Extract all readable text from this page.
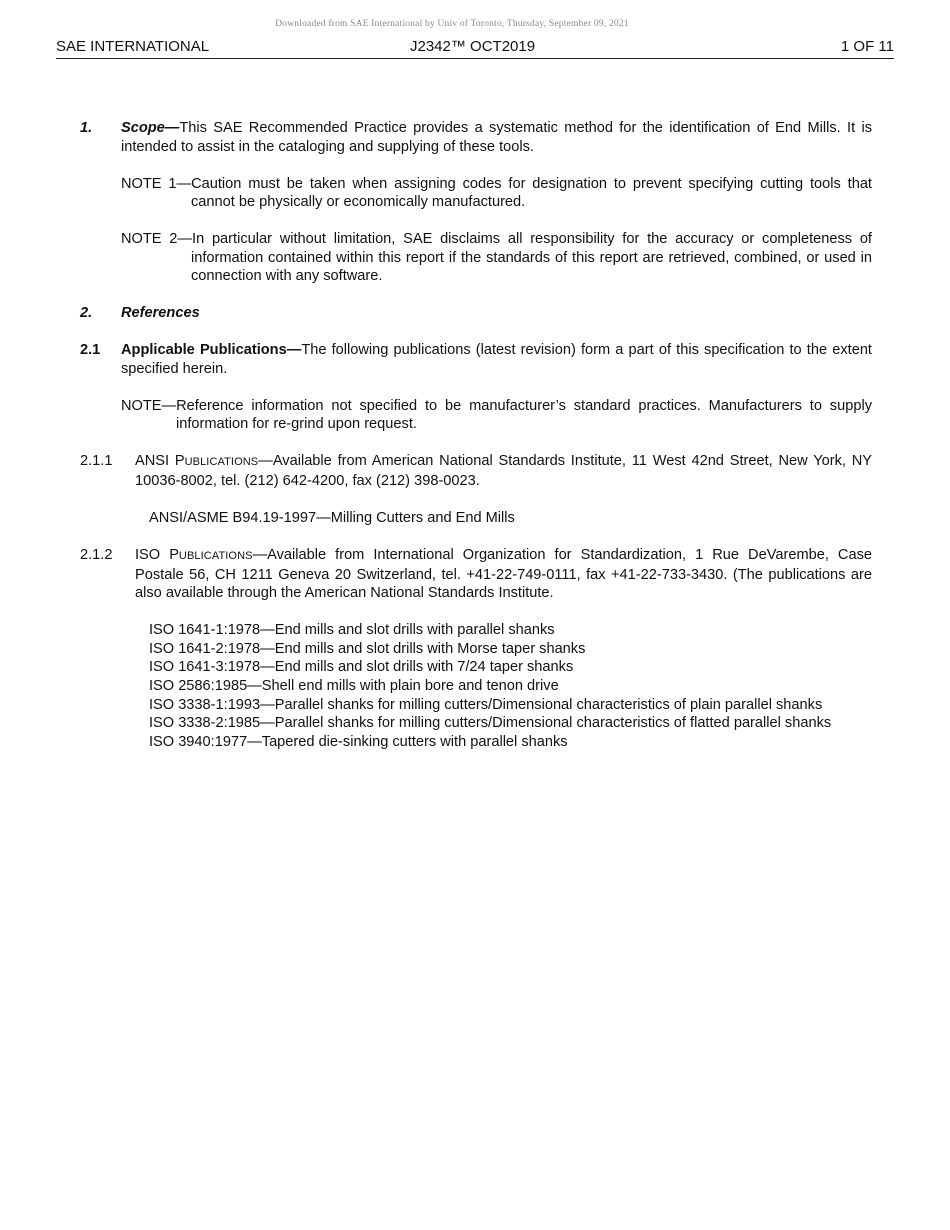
Downloaded from SAE International by Univ of Toronto, Thursday, September 09, 2021
SAE INTERNATIONAL	J2342™ OCT2019	1 OF 11
1. Scope—This SAE Recommended Practice provides a systematic method for the identification of End Mills. It is intended to assist in the cataloging and supplying of these tools.
NOTE 1—Caution must be taken when assigning codes for designation to prevent specifying cutting tools that cannot be physically or economically manufactured.
NOTE 2—In particular without limitation, SAE disclaims all responsibility for the accuracy or completeness of information contained within this report if the standards of this report are retrieved, combined, or used in connection with any software.
2. References
2.1 Applicable Publications—The following publications (latest revision) form a part of this specification to the extent specified herein.
NOTE—Reference information not specified to be manufacturer’s standard practices. Manufacturers to supply information for re-grind upon request.
2.1.1 ANSI PUBLICATIONS—Available from American National Standards Institute, 11 West 42nd Street, New York, NY 10036-8002, tel. (212) 642-4200, fax (212) 398-0023.
ANSI/ASME B94.19-1997—Milling Cutters and End Mills
2.1.2 ISO PUBLICATIONS—Available from International Organization for Standardization, 1 Rue DeVarembe, Case Postale 56, CH 1211 Geneva 20 Switzerland, tel. +41-22-749-0111, fax +41-22-733-3430. (The publications are also available through the American National Standards Institute.
ISO 1641-1:1978—End mills and slot drills with parallel shanks
ISO 1641-2:1978—End mills and slot drills with Morse taper shanks
ISO 1641-3:1978—End mills and slot drills with 7/24 taper shanks
ISO 2586:1985—Shell end mills with plain bore and tenon drive
ISO 3338-1:1993—Parallel shanks for milling cutters/Dimensional characteristics of plain parallel shanks
ISO 3338-2:1985—Parallel shanks for milling cutters/Dimensional characteristics of flatted parallel shanks
ISO 3940:1977—Tapered die-sinking cutters with parallel shanks
